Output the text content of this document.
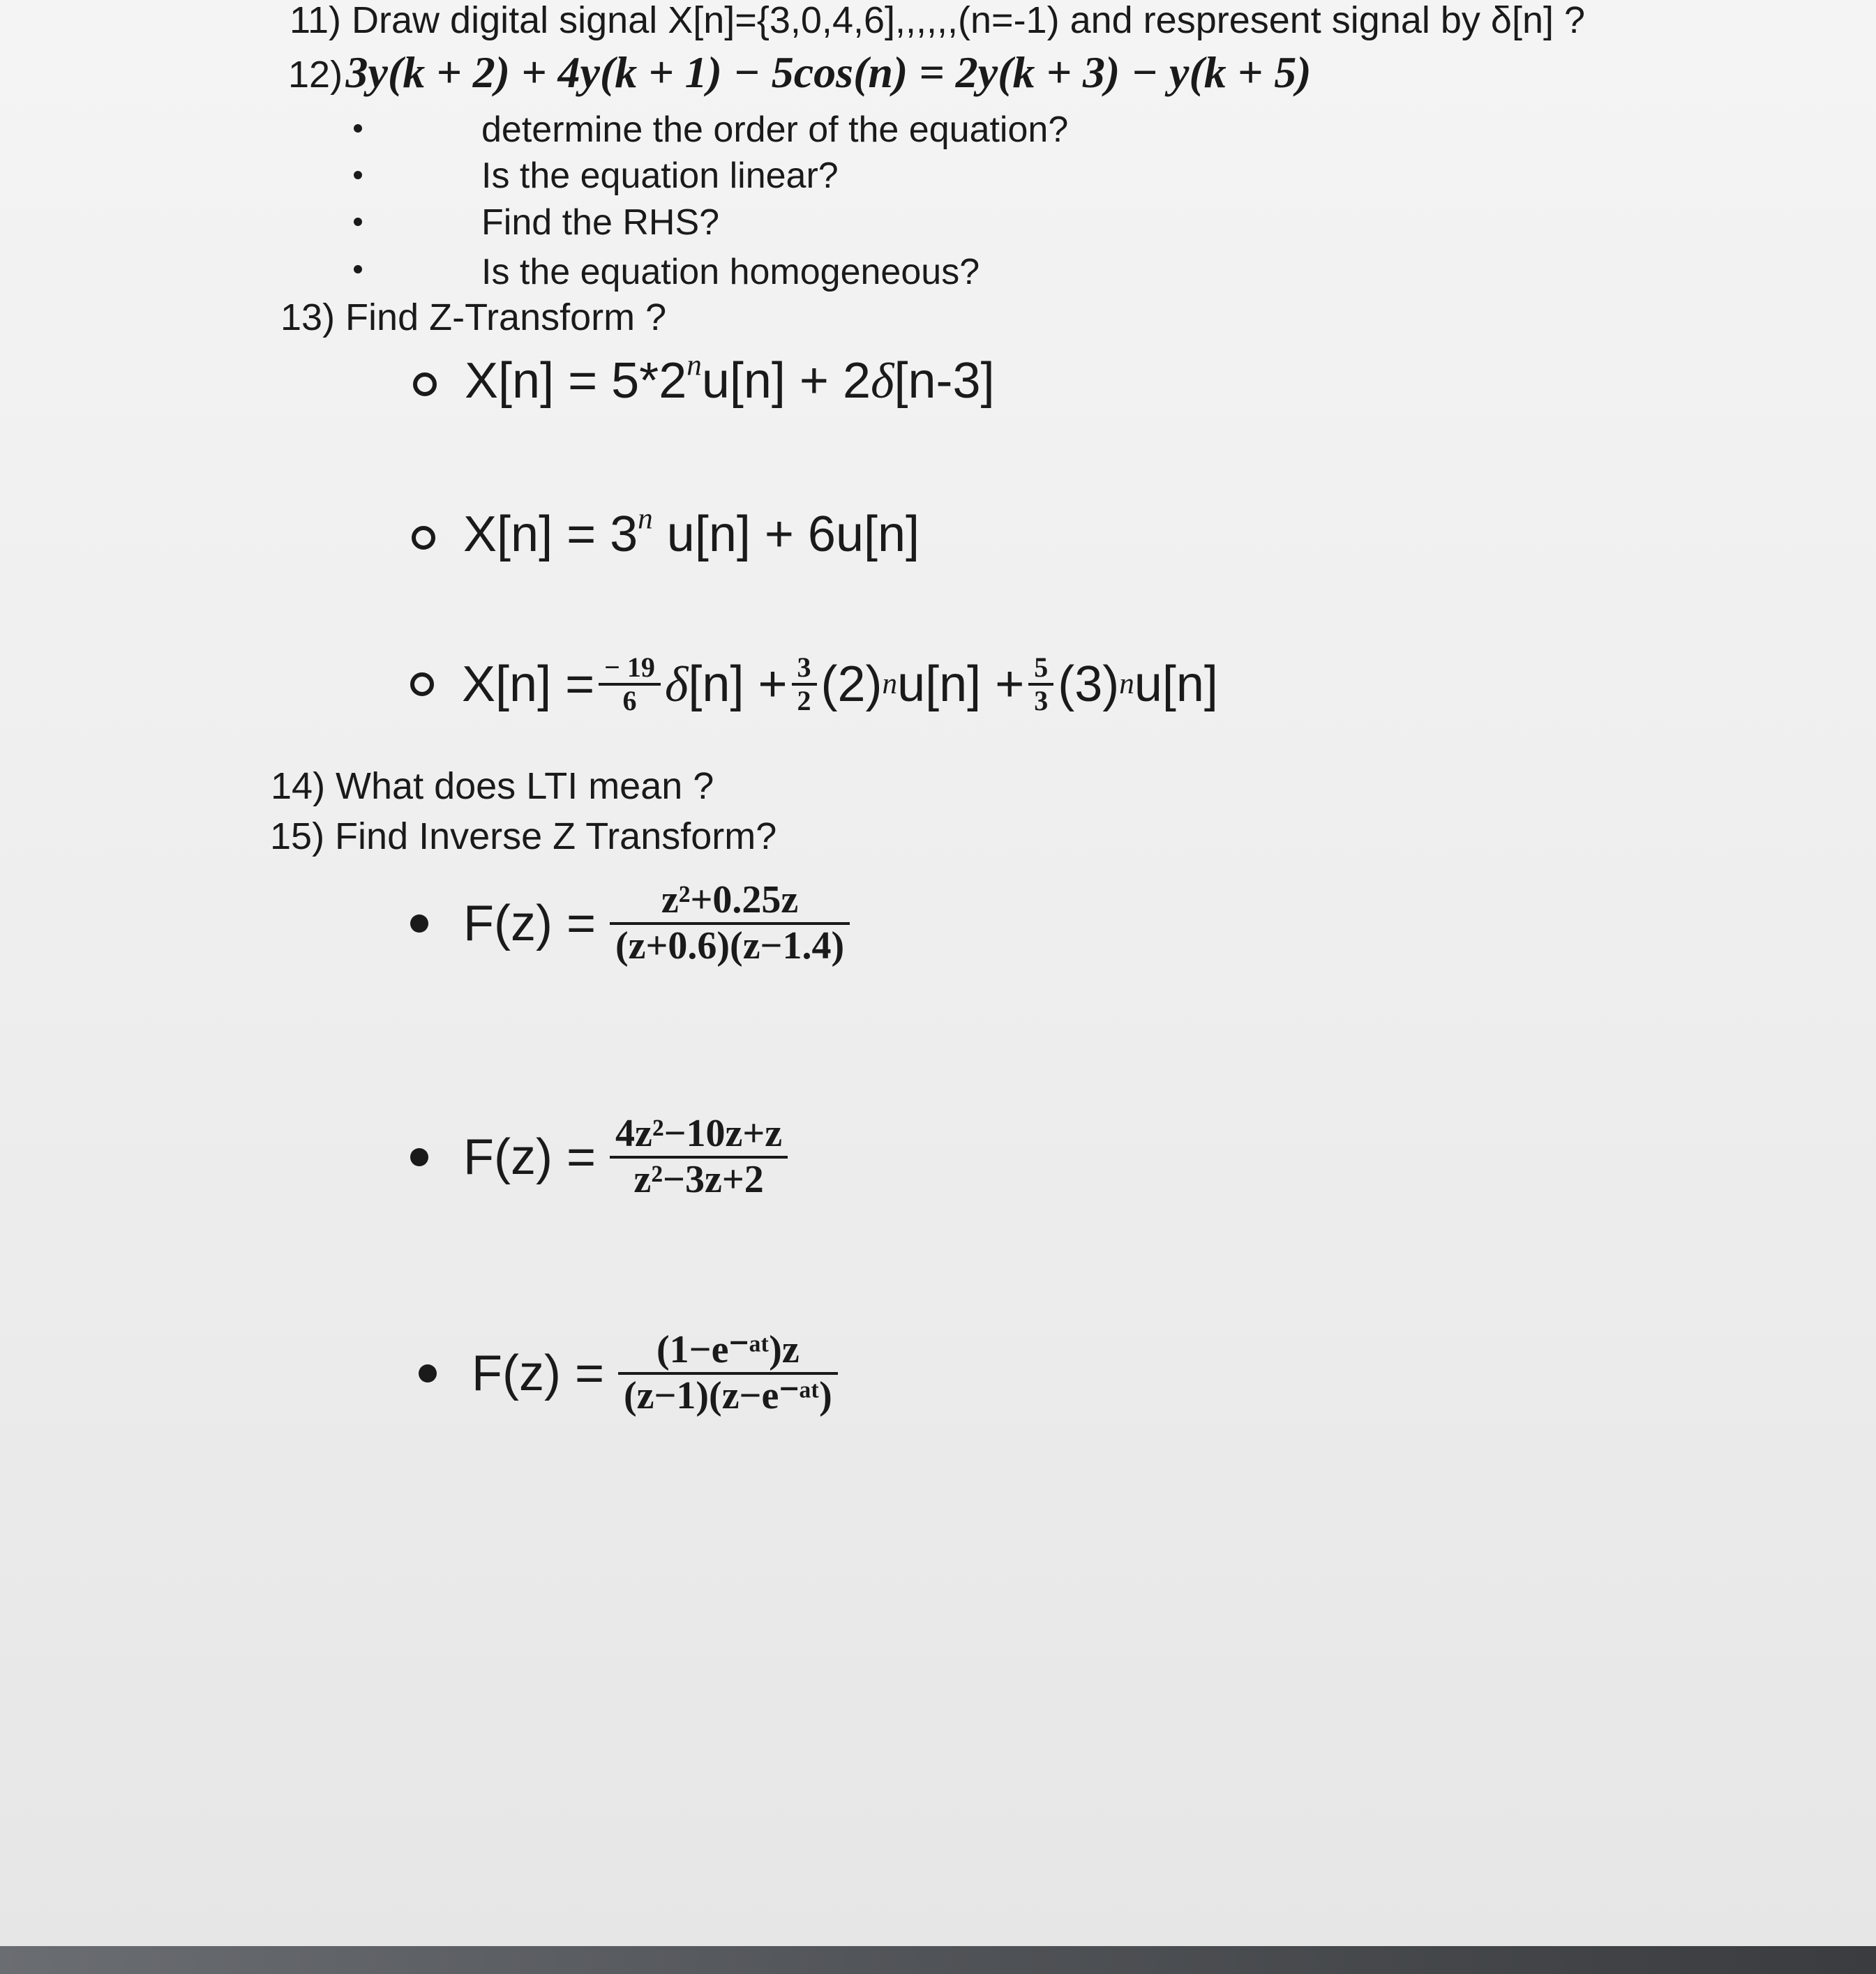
11) Draw digital signal X[n]={3,0,4,6],,,,,,(n=-1) and respresent signal by δ[n] ?
12) 3y(k + 2) + 4y(k + 1) − 5cos(n) = 2y(k + 3) − y(k + 5)
determine the order of the equation?
Is the equation linear?
Find the RHS?
Is the equation homogeneous?
13) Find Z-Transform ?
$X[n] = 5*2^nu[n] + 2\delta[n-3]$
$X[n] = 3^n$ u[n] + 6u[n]
$X[n] = \frac{- 19}{6}$ δ $[n] + \frac{3}{2} (2)$ n $u[n] + \frac{5}{3} (3)$ n u[n]
14) What does LTI mean ?
15) Find Inverse Z Transform?
$F(z) = \frac{\text{z²+0.25z}}{(z+0.6)(z-1.4)}$
$F(z) = \frac{\text{4z²−10z+z}}{\text{z²−3z+2}}$
$F(z) = \frac{\text{(1−e⁻ᵃᵗ)z}}{\text{(z−1)(z−e⁻ᵃᵗ)}}$
